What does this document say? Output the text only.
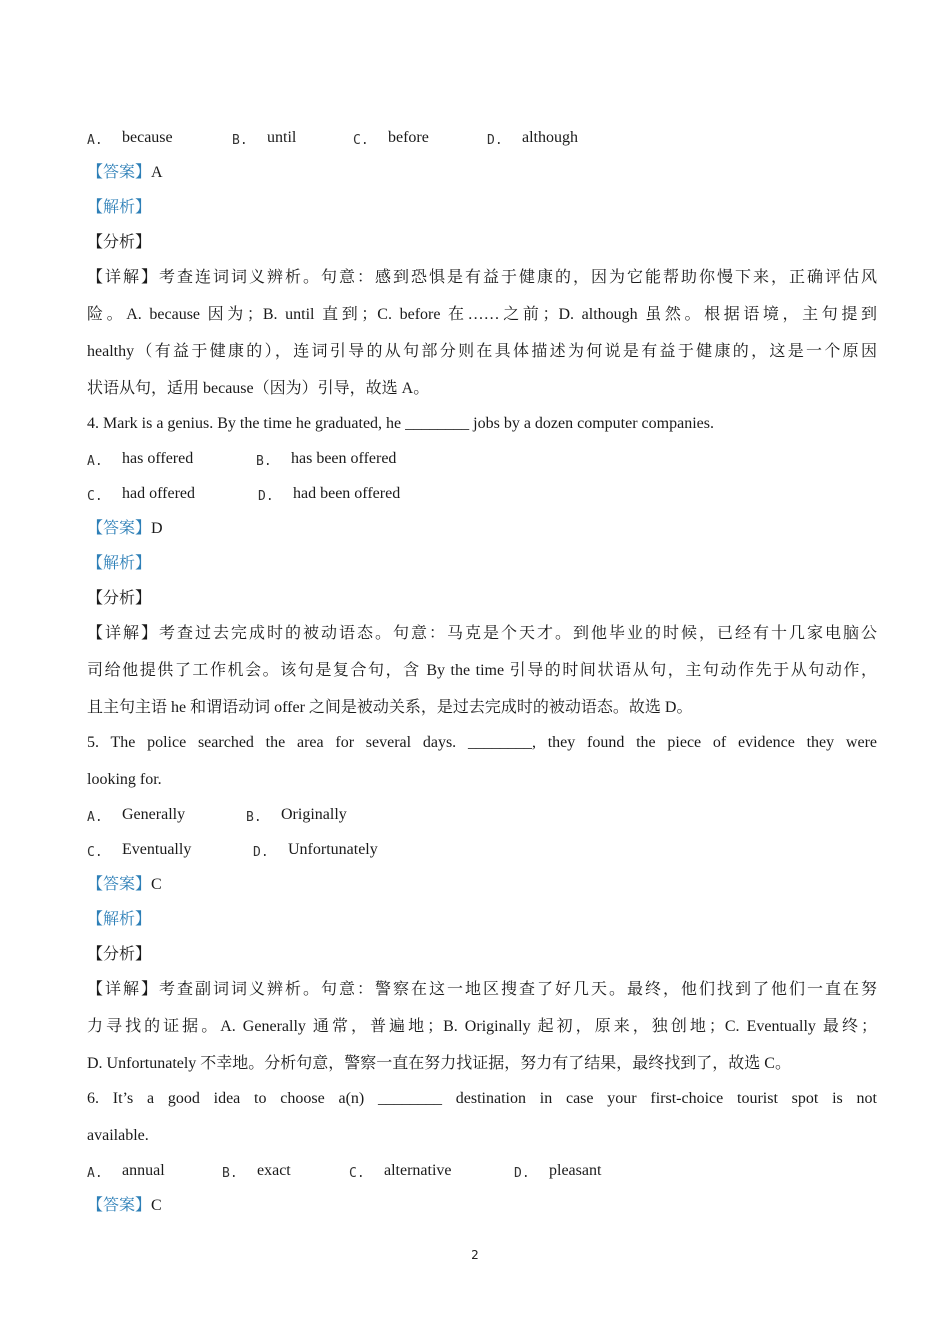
A. because	B. until	C. before	D. although
【答案】A
【解析】
【分析】
【详解】考查连词词义辨析。句意：感到恐惧是有益于健康的，因为它能帮助你慢下来，正确评估风
险。A. because 因为；B. until 直到；C. before 在……之前；D. although 虽然。根据语境，主句提到
healthy（有益于健康的），连词引导的从句部分则在具体描述为何说是有益于健康的，这是一个原因
状语从句，适用 because（因为）引导，故选 A。
4. Mark is a genius. By the time he graduated, he ________ jobs by a dozen computer companies.
A. has offered	B. has been offered
C. had offered	D. had been offered
【答案】D
【解析】
【分析】
【详解】考查过去完成时的被动语态。句意：马克是个天才。到他毕业的时候，已经有十几家电脑公
司给他提供了工作机会。该句是复合句，含 By the time 引导的时间状语从句，主句动作先于从句动作，
且主句主语 he 和谓语动词 offer 之间是被动关系，是过去完成时的被动语态。故选 D。
5. The police searched the area for several days. ________, they found the piece of evidence they were
looking for.
A. Generally	B. Originally
C. Eventually	D. Unfortunately
【答案】C
【解析】
【分析】
【详解】考查副词词义辨析。句意：警察在这一地区搜查了好几天。最终，他们找到了他们一直在努
力寻找的证据。A. Generally 通常，普遍地；B. Originally 起初，原来，独创地；C. Eventually 最终；
D. Unfortunately 不幸地。分析句意，警察一直在努力找证据，努力有了结果，最终找到了，故选 C。
6. It’s a good idea to choose a(n) ________ destination in case your first-choice tourist spot is not
available.
A. annual	B. exact	C. alternative	D. pleasant
【答案】C
2
